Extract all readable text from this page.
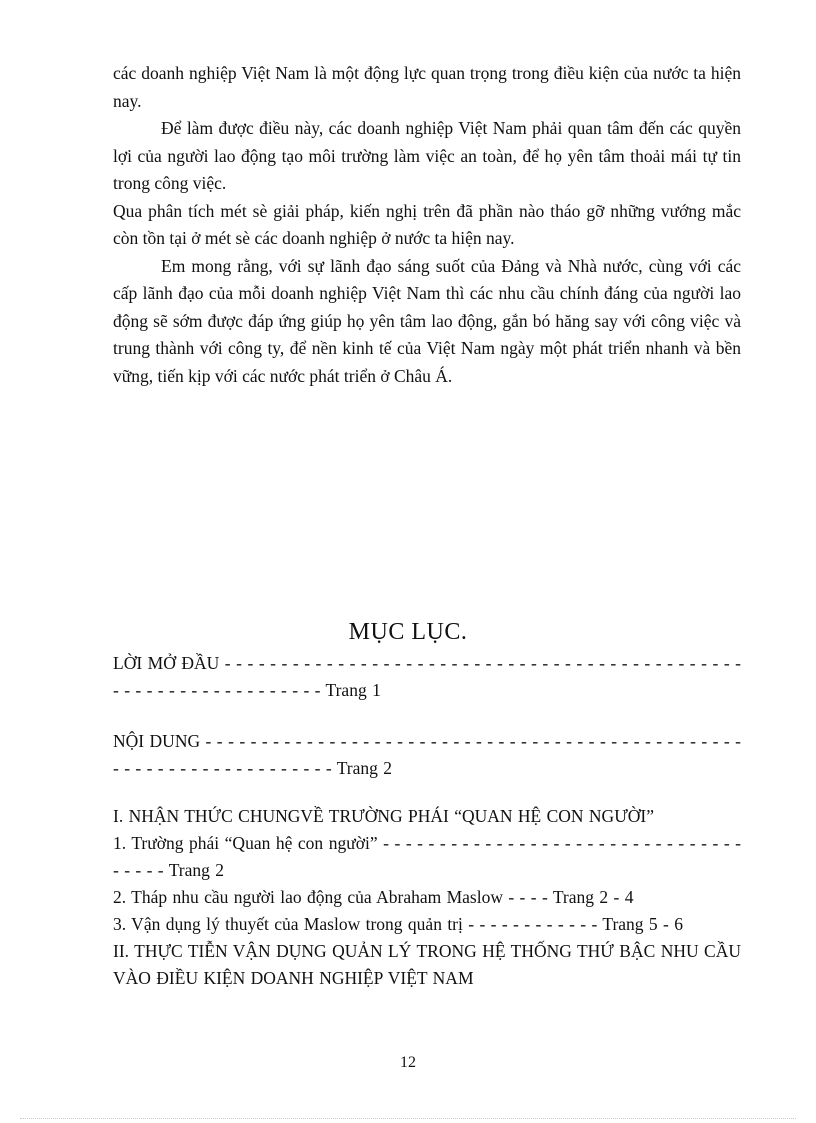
các doanh nghiệp Việt Nam là một động lực quan trọng trong điều kiện của nước ta hiện nay.

Để làm được điều này, các doanh nghiệp Việt Nam phải quan tâm đến các quyền lợi của người lao động tạo môi trường làm việc an toàn, để họ yên tâm thoải mái tự tin trong công việc.

Qua phân tích mét sè giải pháp, kiến nghị trên đã phần nào tháo gỡ những vướng mắc còn tồn tại ở mét sè các doanh nghiệp ở nước ta hiện nay.

Em mong rằng, với sự lãnh đạo sáng suốt của Đảng và Nhà nước, cùng với các cấp lãnh đạo của mỗi doanh nghiệp Việt Nam thì các nhu cầu chính đáng của người lao động sẽ sớm được đáp ứng giúp họ yên tâm lao động, gắn bó hăng say với công việc và trung thành với công ty, để nền kinh tế của Việt Nam ngày một phát triển nhanh và bền vững, tiến kịp với các nước phát triển ở Châu Á.

MỤC LỤC.

LỜI MỞ ĐẦU - - - - - - - - - - - - - - - - - - - - - - - - - - - - - - - - - - - - - - - - - - - - - - - - - - - - - - - - - - - - - - - - - Trang 1

NỘI DUNG - - - - - - - - - - - - - - - - - - - - - - - - - - - - - - - - - - - - - - - - - - - - - - - - - - - - - - - - - - - - - - - - - - - - Trang 2

I. NHẬN THỨC CHUNGVỀ TRƯỜNG PHÁI “QUAN HỆ CON NGƯỜI”

1. Trường phái “Quan hệ con người” - - - - - - - - - - - - - - - - - - - - - - - - - - - - - - - - - - - - - Trang 2

2. Tháp nhu cầu người lao động của Abraham Maslow - - - - Trang 2 - 4

3. Vận dụng lý thuyết của Maslow trong quản trị - - - - - - - - - - - - Trang 5 - 6

II. THỰC TIỄN VẬN DỤNG QUẢN LÝ TRONG HỆ THỐNG THỨ BẬC NHU CẦU VÀO ĐIỀU KIỆN DOANH NGHIỆP VIỆT NAM

12
